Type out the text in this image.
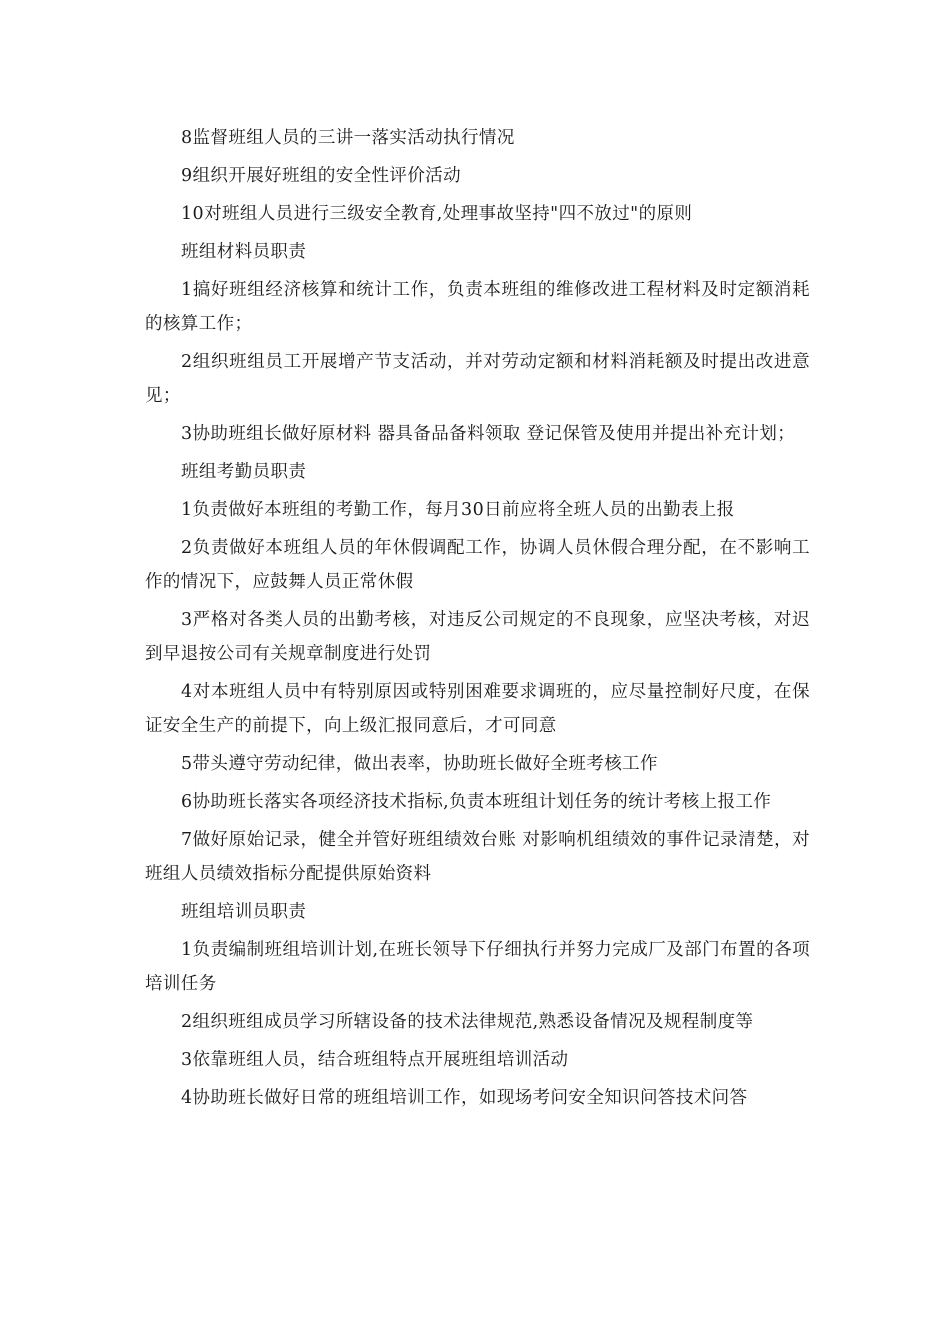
8监督班组人员的三讲一落实活动执行情况

9组织开展好班组的安全性评价活动

10对班组人员进行三级安全教育,处理事故坚持"四不放过"的原则

班组材料员职责

1搞好班组经济核算和统计工作，负责本班组的维修改进工程材料及时定额消耗的核算工作；

2组织班组员工开展增产节支活动，并对劳动定额和材料消耗额及时提出改进意见；

3协助班组长做好原材料 器具备品备料领取 登记保管及使用并提出补充计划；

班组考勤员职责

1负责做好本班组的考勤工作，每月30日前应将全班人员的出勤表上报

2负责做好本班组人员的年休假调配工作，协调人员休假合理分配，在不影响工作的情况下，应鼓舞人员正常休假

3严格对各类人员的出勤考核，对违反公司规定的不良现象，应坚决考核，对迟到早退按公司有关规章制度进行处罚

4对本班组人员中有特别原因或特别困难要求调班的，应尽量控制好尺度，在保证安全生产的前提下，向上级汇报同意后，才可同意

5带头遵守劳动纪律，做出表率，协助班长做好全班考核工作

6协助班长落实各项经济技术指标,负责本班组计划任务的统计考核上报工作

7做好原始记录，健全并管好班组绩效台账 对影响机组绩效的事件记录清楚，对班组人员绩效指标分配提供原始资料

班组培训员职责

1负责编制班组培训计划,在班长领导下仔细执行并努力完成厂及部门布置的各项培训任务

2组织班组成员学习所辖设备的技术法律规范,熟悉设备情况及规程制度等

3依靠班组人员，结合班组特点开展班组培训活动

4协助班长做好日常的班组培训工作，如现场考问安全知识问答技术问答
